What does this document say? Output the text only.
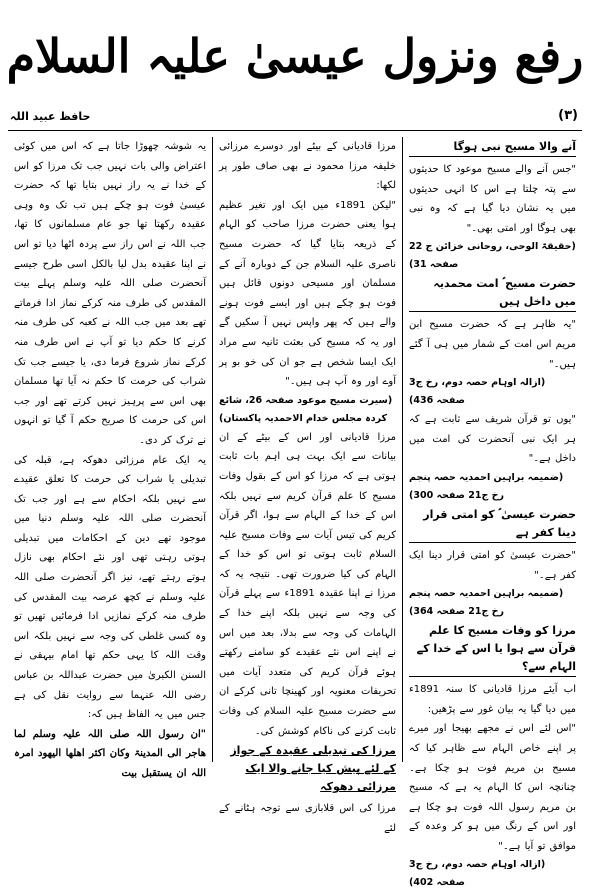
رفع ونزول عیسیٰ علیہ السلام
(۳)
حافظ عبید اللہ
آنے والا مسیح نبی ہوگا

"جس آنے والے مسیح موعود کا حدیثوں سے پتہ چلتا ہے اس کا انہی حدیثوں میں یہ نشان دیا گیا ہے کہ وہ نبی بھی ہوگا اور امتی بھی۔"

(حقیقۃ الوحی، روحانی خزائن ج 22 صفحہ 31)
حضرت مسیح ؑ امت محمدیہ میں داخل ہیں

"یہ ظاہر ہے کہ حضرت مسیح ابن مریم اس امت کے شمار میں ہی آ گئے ہیں۔"

(ازالہ اوہام حصہ دوم، رخ ج3 صفحہ 436)

"یوں تو قرآن شریف سے ثابت ہے کہ ہر ایک نبی آنحضرت کی امت میں داخل ہے۔"

(ضمیمہ براہین احمدیہ حصہ پنجم رخ ج21 صفحہ 300)
حضرت عیسیٰ ؑ کو امتی قرار دینا کفر ہے

"حضرت عیسیٰ کو امتی قرار دینا ایک کفر ہے۔"

(ضمیمہ براہین احمدیہ حصہ پنجم رخ ج21 صفحہ 364)
مرزا کو وفات مسیح کا علم قرآن سے ہوا یا اس کے خدا کے الہام سے؟

اب آیئے مرزا قادیانی کا سنہ 1891ء میں دیا گیا یہ بیان غور سے پڑھیں:

"اس لئے اس نے مجھے بھیجا اور میرے پر اپنے خاص الہام سے ظاہر کیا کہ مسیح بن مریم فوت ہو چکا ہے۔ چنانچہ اس کا الہام یہ ہے کہ مسیح بن مریم رسول اللہ فوت ہو چکا ہے اور اس کے رنگ میں ہو کر وعدہ کے موافق تو آیا ہے۔"

(ازالہ اوہام حصہ دوم، رخ ج3 صفحہ 402)

مرزا قادیانی کے بیٹے اور دوسرے مرزائی خلیفہ مرزا محمود نے بھی صاف طور پر لکھا:

"لیکن 1891ء میں ایک اور تغیر عظیم ہوا یعنی حضرت مرزا صاحب کو الہام کے ذریعہ بتایا گیا کہ حضرت مسیح ناصری علیہ السلام جن کے دوبارہ آنے کے مسلمان اور مسیحی دونوں قائل ہیں فوت ہو چکے ہیں اور ایسے فوت ہونے والے ہیں کہ پھر واپس نہیں آ سکیں گے اور یہ کہ مسیح کی بعثت ثانیہ سے مراد ایک ایسا شخص ہے جو ان کی خو بو پر آوے اور وہ آپ ہی ہیں۔"

(سیرت مسیح موعود صفحہ 26، شائع کردہ مجلس خدام الاحمدیہ پاکستان)

مرزا قادیانی اور اس کے بیٹے کے ان بیانات سے ایک بہت ہی اہم بات ثابت ہوتی ہے کہ مرزا کو اس کے بقول وفات مسیح کا علم قرآن کریم سے نہیں بلکہ اس کے خدا کے الہام سے ہوا، اگر قرآن کریم کی تیس آیات سے وفات مسیح علیہ السلام ثابت ہوتی تو اس کو خدا کے الہام کی کیا ضرورت تھی۔ نتیجہ یہ کہ مرزا نے اپنا عقیدہ 1891ء سے پہلے قرآن کی وجہ سے نہیں بلکہ اپنے خدا کے الہامات کی وجہ سے بدلا، بعد میں اس نے اپنے اس نئے عقیدے کو سامنے رکھتے ہوئے قرآن کریم کی متعدد آیات میں تحریفات معنویہ اور کھینچا تانی کرکے ان سے حضرت مسیح علیہ السلام کی وفات ثابت کرنے کی ناکام کوشش کی۔

مرزا کی تبدیلی عقیدہ کے جواز کے لئے پیش کیا جانے والا ایک مرزائی دھوکہ

مرزا کی اس قلابازی سے توجہ ہٹانے کے لئے

یہ شوشہ چھوڑا جاتا ہے کہ اس میں کوئی اعتراض والی بات نہیں جب تک مرزا کو اس کے خدا نے یہ راز نہیں بتایا تھا کہ حضرت عیسیٰ فوت ہو چکے ہیں تب تک وہ وہی عقیدہ رکھتا تھا جو عام مسلمانوں کا تھا، جب اللہ نے اس راز سے پردہ اٹھا دیا تو اس نے اپنا عقیدہ بدل لیا بالکل اسی طرح جیسے آنحضرت صلی اللہ علیہ وسلم پہلے بیت المقدس کی طرف منہ کرکے نماز ادا فرماتے تھے بعد میں جب اللہ نے کعبہ کی طرف منہ کرنے کا حکم دیا تو آپ نے اس طرف منہ کرکے نماز شروع فرما دی، یا جیسے جب تک شراب کی حرمت کا حکم نہ آیا تھا مسلمان بھی اس سے پرہیز نہیں کرتے تھے اور جب اس کی حرمت کا صریح حکم آ گیا تو انہوں نے ترک کر دی۔

یہ ایک عام مرزائی دھوکہ ہے، قبلہ کی تبدیلی یا شراب کی حرمت کا تعلق عقیدے سے نہیں بلکہ احکام سے ہے اور جب تک آنحضرت صلی اللہ علیہ وسلم دنیا میں موجود تھے دین کے احکامات میں تبدیلی ہوتی رہتی تھی اور نئے احکام بھی نازل ہوتے رہتے تھے، نیز اگر آنحضرت صلی اللہ علیہ وسلم نے کچھ عرصہ بیت المقدس کی طرف منہ کرکے نمازیں ادا فرمائیں تھیں تو وہ کسی غلطی کی وجہ سے نہیں بلکہ اس وقت اللہ کا یہی حکم تھا امام بیہقی نے السنن الکبریٰ میں حضرت عبداللہ بن عباس رضی اللہ عنہما سے روایت نقل کی ہے جس میں یہ الفاظ ہیں کہ:

"ان رسول اللہ صلی اللہ علیہ وسلم لما ھاجر الی المدینۃ وکان اکثر اھلھا الیھود امرہ اللہ ان یستقبل بیت
